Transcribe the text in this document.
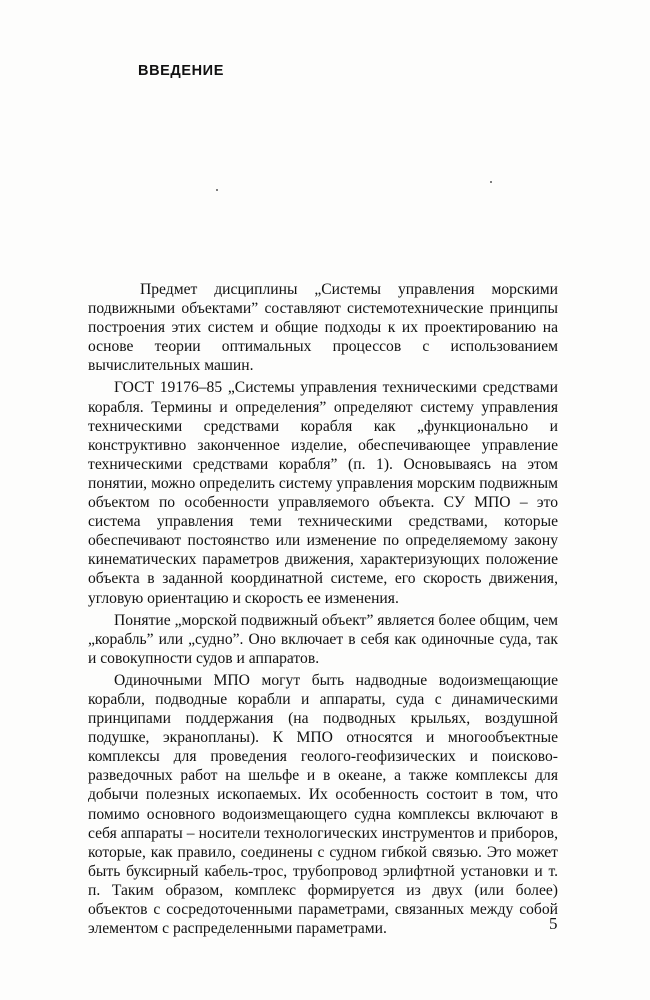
ВВЕДЕНИЕ

Предмет дисциплины „Системы управления морскими подвижными объектами” составляют системотехнические принципы построения этих систем и общие подходы к их проектированию на основе теории оптимальных процессов с использованием вычислительных машин.

ГОСТ 19176–85 „Системы управления техническими средствами корабля. Термины и определения” определяют систему управления техническими средствами корабля как „функционально и конструктивно законченное изделие, обеспечивающее управление техническими средствами корабля” (п. 1). Основываясь на этом понятии, можно определить систему управления морским подвижным объектом по особенности управляемого объекта. СУ МПО – это система управления теми техническими средствами, которые обеспечивают постоянство или изменение по определяемому закону кинематических параметров движения, характеризующих положение объекта в заданной координатной системе, его скорость движения, угловую ориентацию и скорость ее изменения.

Понятие „морской подвижный объект” является более общим, чем „корабль” или „судно”. Оно включает в себя как одиночные суда, так и совокупности судов и аппаратов.

Одиночными МПО могут быть надводные водоизмещающие корабли, подводные корабли и аппараты, суда с динамическими принципами поддержания (на подводных крыльях, воздушной подушке, экранопланы). К МПО относятся и многообъектные комплексы для проведения геолого-геофизических и поисково-разведочных работ на шельфе и в океане, а также комплексы для добычи полезных ископаемых. Их особенность состоит в том, что помимо основного водоизмещающего судна комплексы включают в себя аппараты – носители технологических инструментов и приборов, которые, как правило, соединены с судном гибкой связью. Это может быть буксирный кабель-трос, трубопровод эрлифтной установки и т. п. Таким образом, комплекс формируется из двух (или более) объектов с сосредоточенными параметрами, связанных между собой элементом с распределенными параметрами.	5
